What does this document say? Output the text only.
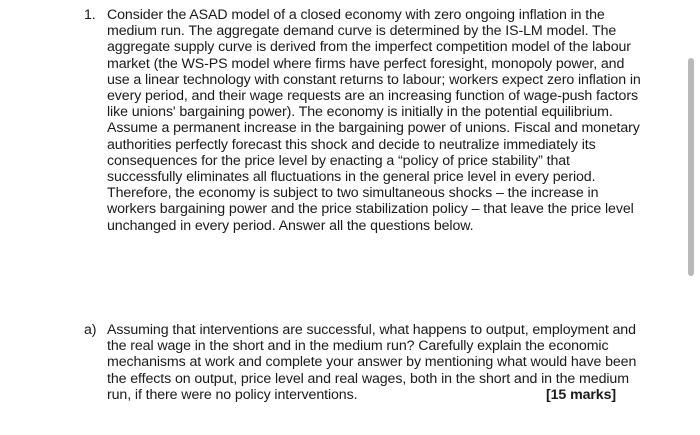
1. Consider the ASAD model of a closed economy with zero ongoing inflation in the medium run. The aggregate demand curve is determined by the IS-LM model. The aggregate supply curve is derived from the imperfect competition model of the labour market (the WS-PS model where firms have perfect foresight, monopoly power, and use a linear technology with constant returns to labour; workers expect zero inflation in every period, and their wage requests are an increasing function of wage-push factors like unions' bargaining power). The economy is initially in the potential equilibrium. Assume a permanent increase in the bargaining power of unions. Fiscal and monetary authorities perfectly forecast this shock and decide to neutralize immediately its consequences for the price level by enacting a “policy of price stability” that successfully eliminates all fluctuations in the general price level in every period. Therefore, the economy is subject to two simultaneous shocks – the increase in workers bargaining power and the price stabilization policy – that leave the price level unchanged in every period. Answer all the questions below.
a) Assuming that interventions are successful, what happens to output, employment and the real wage in the short and in the medium run? Carefully explain the economic mechanisms at work and complete your answer by mentioning what would have been the effects on output, price level and real wages, both in the short and in the medium run, if there were no policy interventions.	[15 marks]
